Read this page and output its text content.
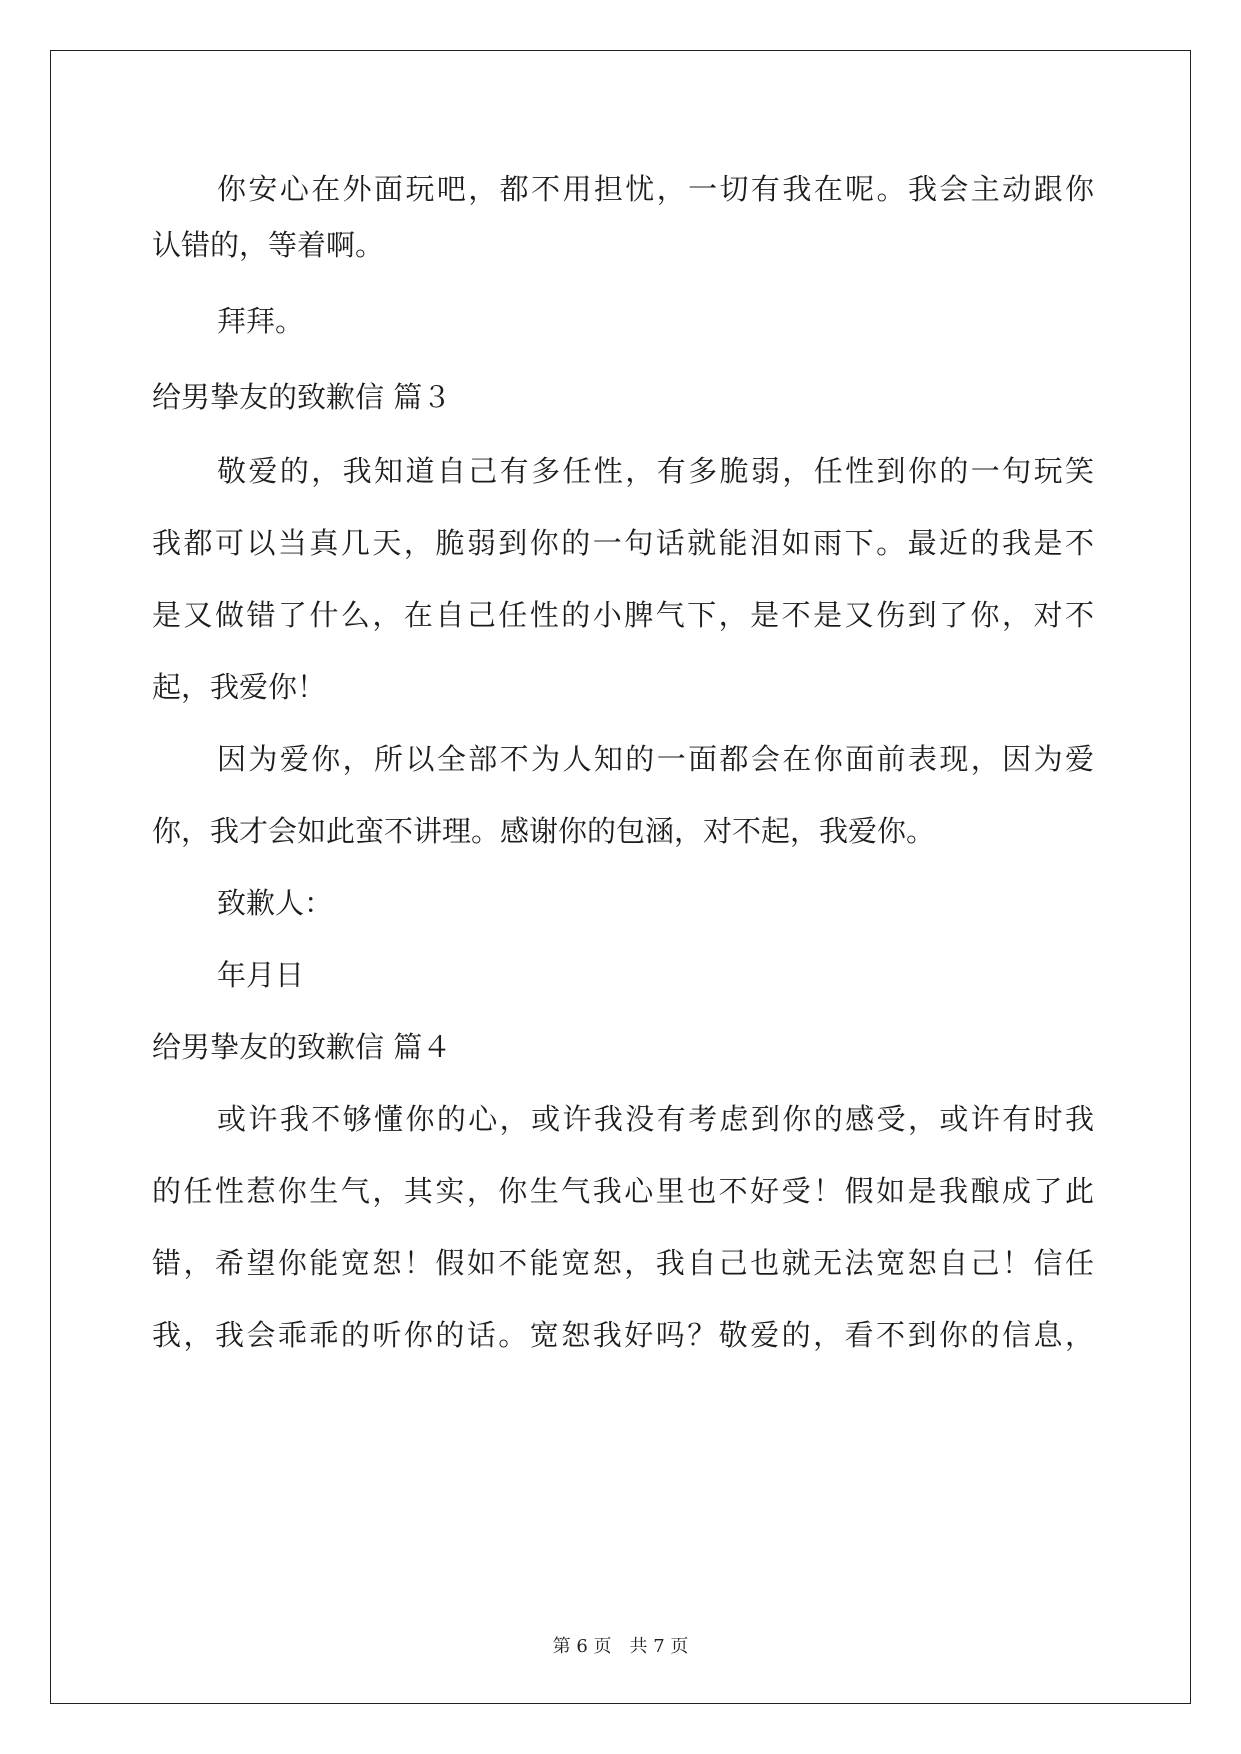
你安心在外面玩吧，都不用担忧，一切有我在呢。我会主动跟你
认错的，等着啊。
拜拜。
给男挚友的致歉信 篇３
敬爱的，我知道自己有多任性，有多脆弱，任性到你的一句玩笑
我都可以当真几天，脆弱到你的一句话就能泪如雨下。最近的我是不
是又做错了什么，在自己任性的小脾气下，是不是又伤到了你，对不
起，我爱你！
因为爱你，所以全部不为人知的一面都会在你面前表现，因为爱
你，我才会如此蛮不讲理。感谢你的包涵，对不起，我爱你。
致歉人：
年月日
给男挚友的致歉信 篇４
或许我不够懂你的心，或许我没有考虑到你的感受，或许有时我
的任性惹你生气，其实，你生气我心里也不好受！假如是我酿成了此
错，希望你能宽恕！假如不能宽恕，我自己也就无法宽恕自己！信任
我，我会乖乖的听你的话。宽恕我好吗？敬爱的，看不到你的信息，
第 6 页　共 7 页
